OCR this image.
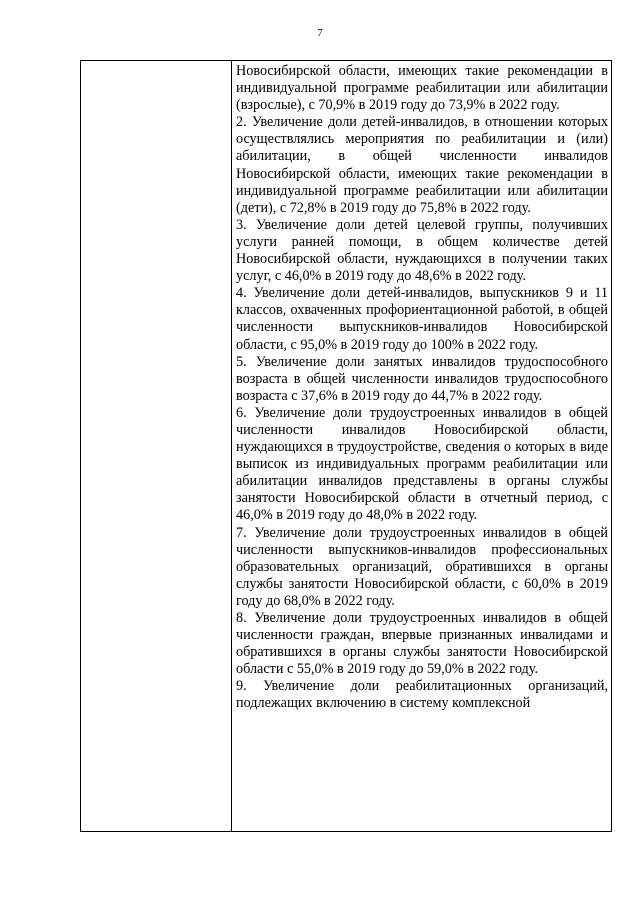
7

Новосибирской области, имеющих такие рекомендации в индивидуальной программе реабилитации или абилитации (взрослые), с 70,9% в 2019 году до 73,9% в 2022 году.

2. Увеличение доли детей-инвалидов, в отношении которых осуществлялись мероприятия по реабилитации и (или) абилитации, в общей численности инвалидов Новосибирской области, имеющих такие рекомендации в индивидуальной программе реабилитации или абилитации (дети), с 72,8% в 2019 году до 75,8% в 2022 году.

3. Увеличение доли детей целевой группы, получивших услуги ранней помощи, в общем количестве детей Новосибирской области, нуждающихся в получении таких услуг, с 46,0% в 2019 году до 48,6% в 2022 году.

4. Увеличение доли детей-инвалидов, выпускников 9 и 11 классов, охваченных профориентационной работой, в общей численности выпускников-инвалидов Новосибирской области, с 95,0% в 2019 году до 100% в 2022 году.

5. Увеличение доли занятых инвалидов трудоспособного возраста в общей численности инвалидов трудоспособного возраста с 37,6% в 2019 году до 44,7% в 2022 году.

6. Увеличение доли трудоустроенных инвалидов в общей численности инвалидов Новосибирской области, нуждающихся в трудоустройстве, сведения о которых в виде выписок из индивидуальных программ реабилитации или абилитации инвалидов представлены в органы службы занятости Новосибирской области в отчетный период, с 46,0% в 2019 году до 48,0% в 2022 году.

7. Увеличение доли трудоустроенных инвалидов в общей численности выпускников-инвалидов профессиональных образовательных организаций, обратившихся в органы службы занятости Новосибирской области, с 60,0% в 2019 году до 68,0% в 2022 году.

8. Увеличение доли трудоустроенных инвалидов в общей численности граждан, впервые признанных инвалидами и обратившихся в органы службы занятости Новосибирской области с 55,0% в 2019 году до 59,0% в 2022 году.

9. Увеличение доли реабилитационных организаций, подлежащих включению в систему комплексной
